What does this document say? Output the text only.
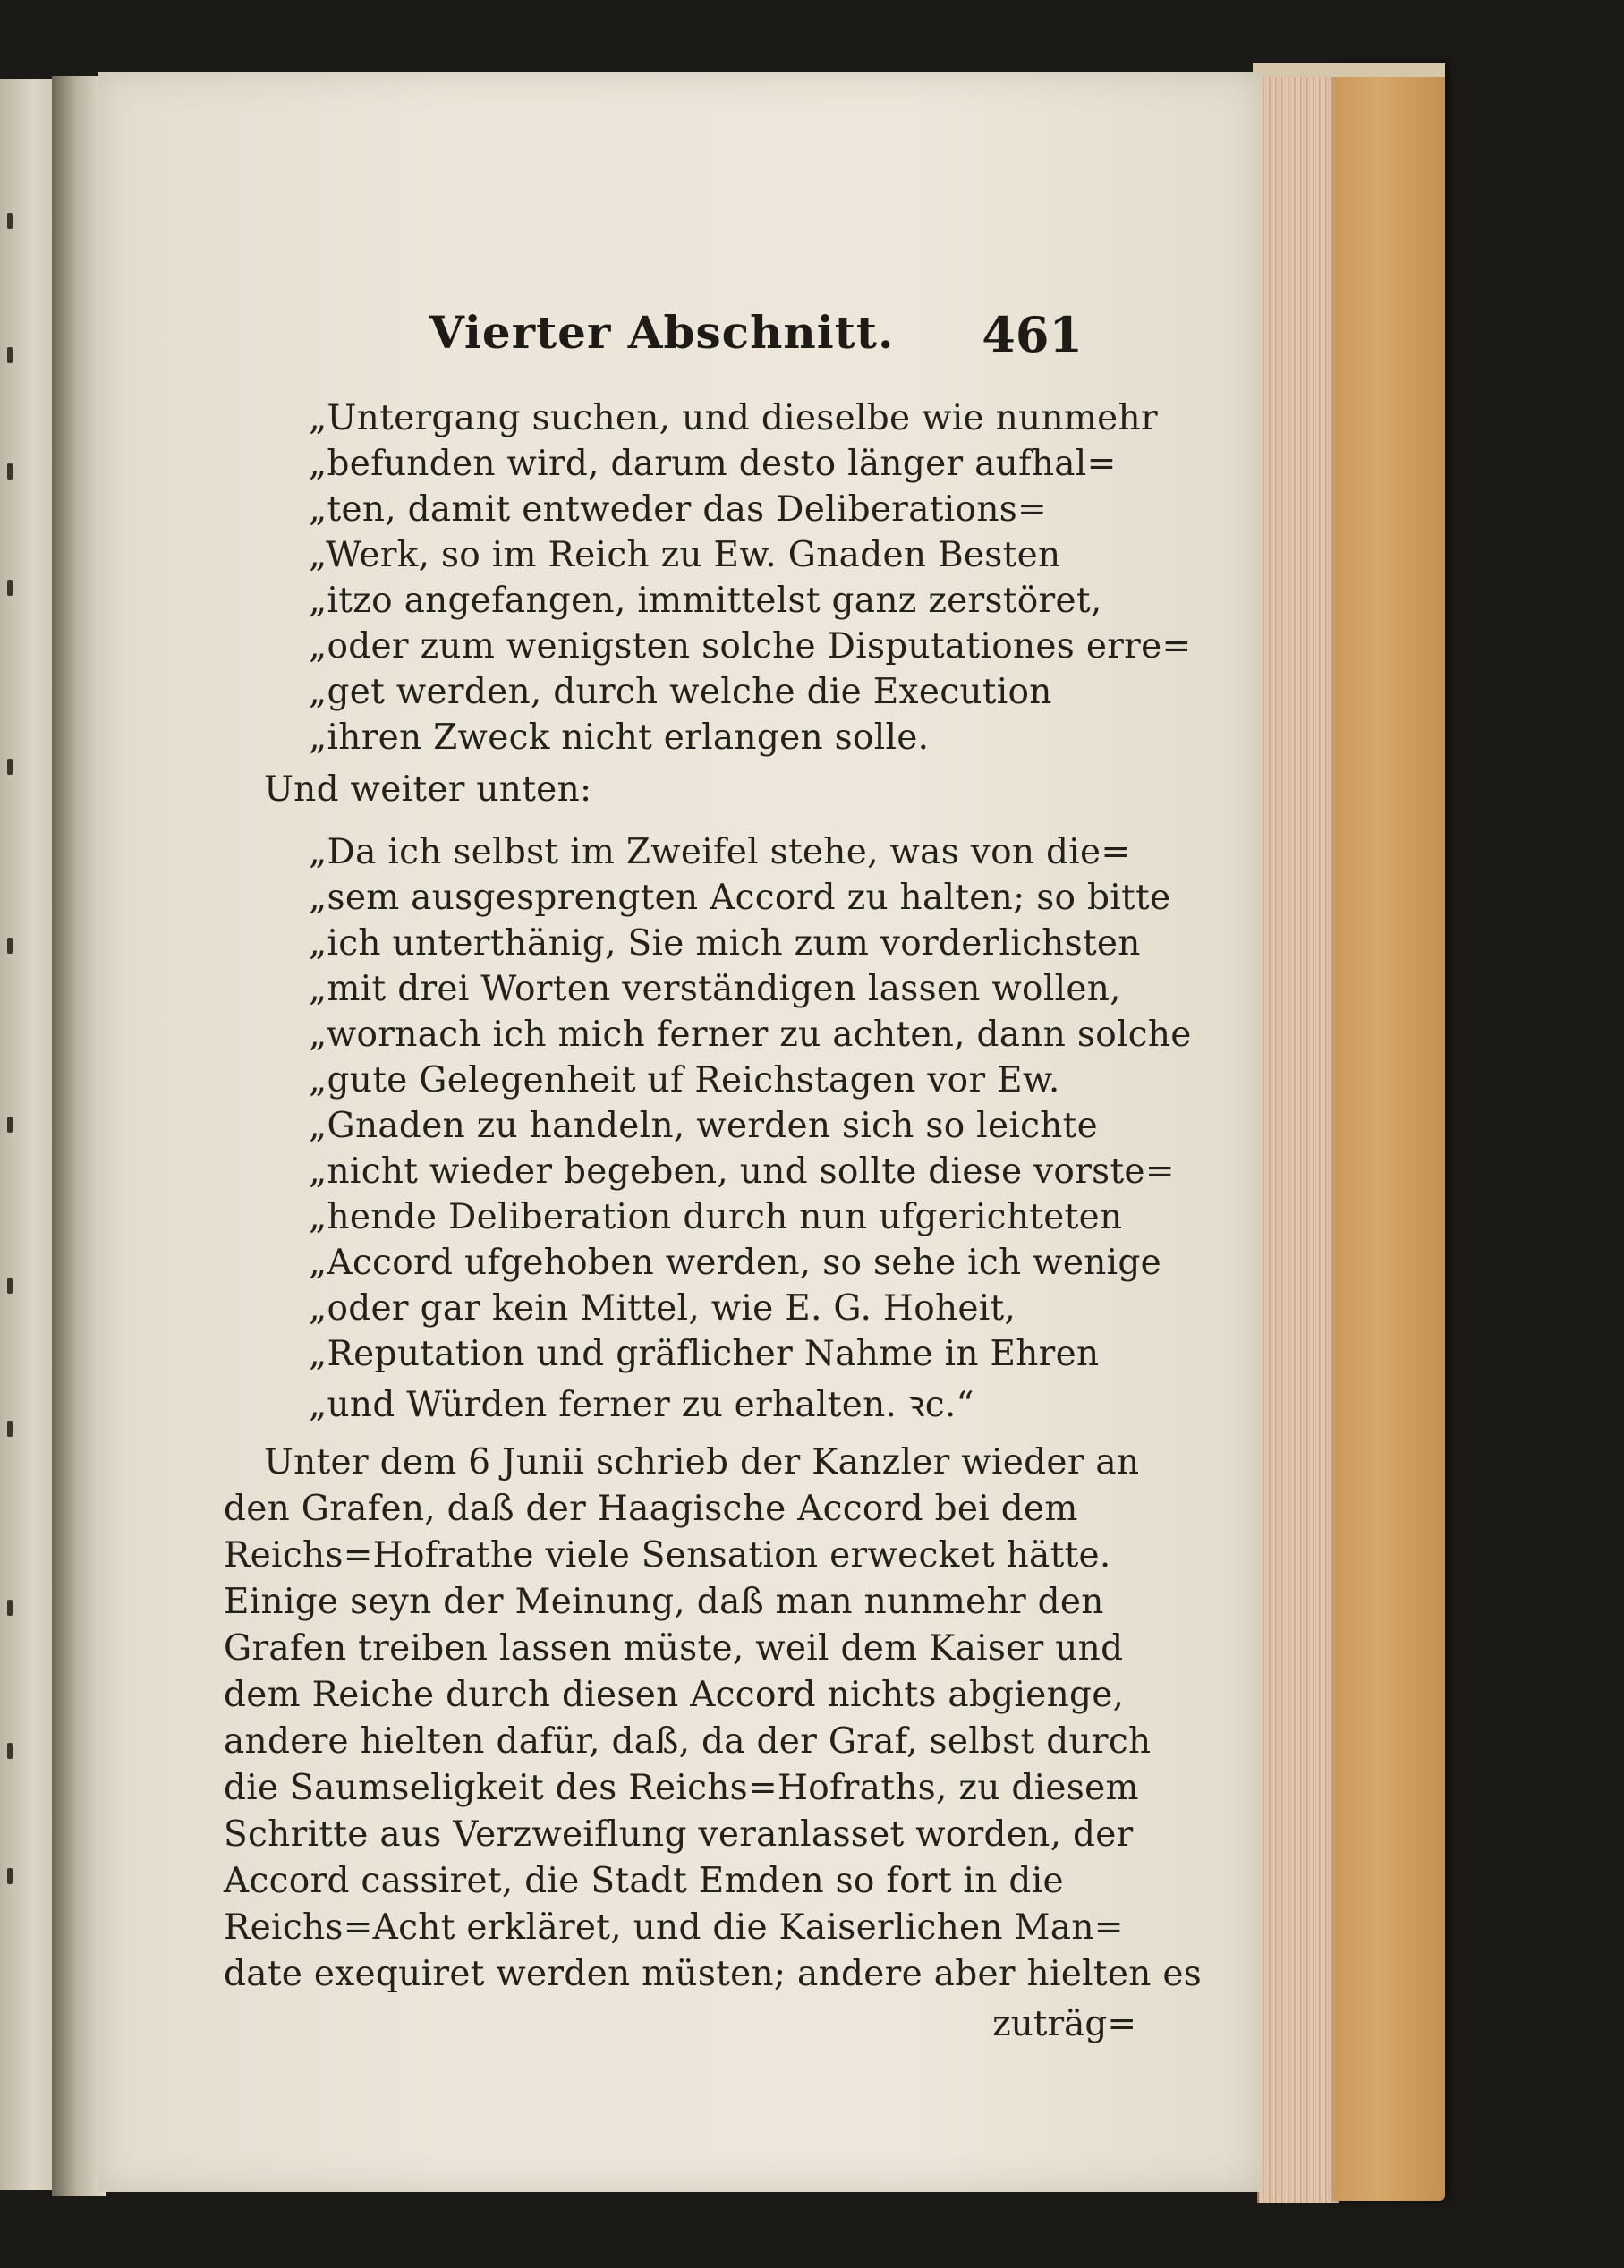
Vierter Abschnitt. 461
„Untergang suchen, und dieselbe wie nunmehr
„befunden wird, darum desto länger aufhal=
„ten, damit entweder das Deliberations=
„Werk, so im Reich zu Ew. Gnaden Besten
„itzo angefangen, immittelst ganz zerstöret,
„oder zum wenigsten solche Disputationes erre=
„get werden, durch welche die Execution
„ihren Zweck nicht erlangen solle.
Und weiter unten:
„Da ich selbst im Zweifel stehe, was von die=
„sem ausgesprengten Accord zu halten; so bitte
„ich unterthänig, Sie mich zum vorderlichsten
„mit drei Worten verständigen lassen wollen,
„wornach ich mich ferner zu achten, dann solche
„gute Gelegenheit uf Reichstagen vor Ew.
„Gnaden zu handeln, werden sich so leichte
„nicht wieder begeben, und sollte diese vorste=
„hende Deliberation durch nun ufgerichteten
„Accord ufgehoben werden, so sehe ich wenige
„oder gar kein Mittel, wie E. G. Hoheit,
„Reputation und gräflicher Nahme in Ehren
„und Würden ferner zu erhalten. ꝛc.“
Unter dem 6 Junii schrieb der Kanzler wieder an
den Grafen, daß der Haagische Accord bei dem
Reichs=Hofrathe viele Sensation erwecket hätte.
Einige seyn der Meinung, daß man nunmehr den
Grafen treiben lassen müste, weil dem Kaiser und
dem Reiche durch diesen Accord nichts abgienge,
andere hielten dafür, daß, da der Graf, selbst durch
die Saumseligkeit des Reichs=Hofraths, zu diesem
Schritte aus Verzweiflung veranlasset worden, der
Accord cassiret, die Stadt Emden so fort in die
Reichs=Acht erkläret, und die Kaiserlichen Man=
date exequiret werden müsten; andere aber hielten es
zuträg=
